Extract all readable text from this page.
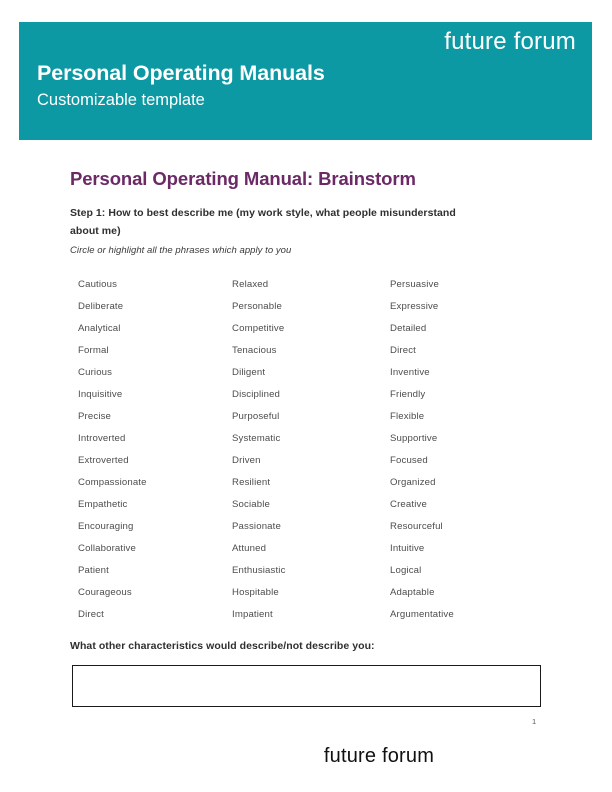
future forum
Personal Operating Manuals
Customizable template
Personal Operating Manual: Brainstorm
Step 1: How to best describe me (my work style, what people misunderstand about me)
Circle or highlight all the phrases which apply to you
Cautious
Deliberate
Analytical
Formal
Curious
Inquisitive
Precise
Introverted
Extroverted
Compassionate
Empathetic
Encouraging
Collaborative
Patient
Courageous
Direct
Relaxed
Personable
Competitive
Tenacious
Diligent
Disciplined
Purposeful
Systematic
Driven
Resilient
Sociable
Passionate
Attuned
Enthusiastic
Hospitable
Impatient
Persuasive
Expressive
Detailed
Direct
Inventive
Friendly
Flexible
Supportive
Focused
Organized
Creative
Resourceful
Intuitive
Logical
Adaptable
Argumentative
What other characteristics would describe/not describe you:
1
future forum
